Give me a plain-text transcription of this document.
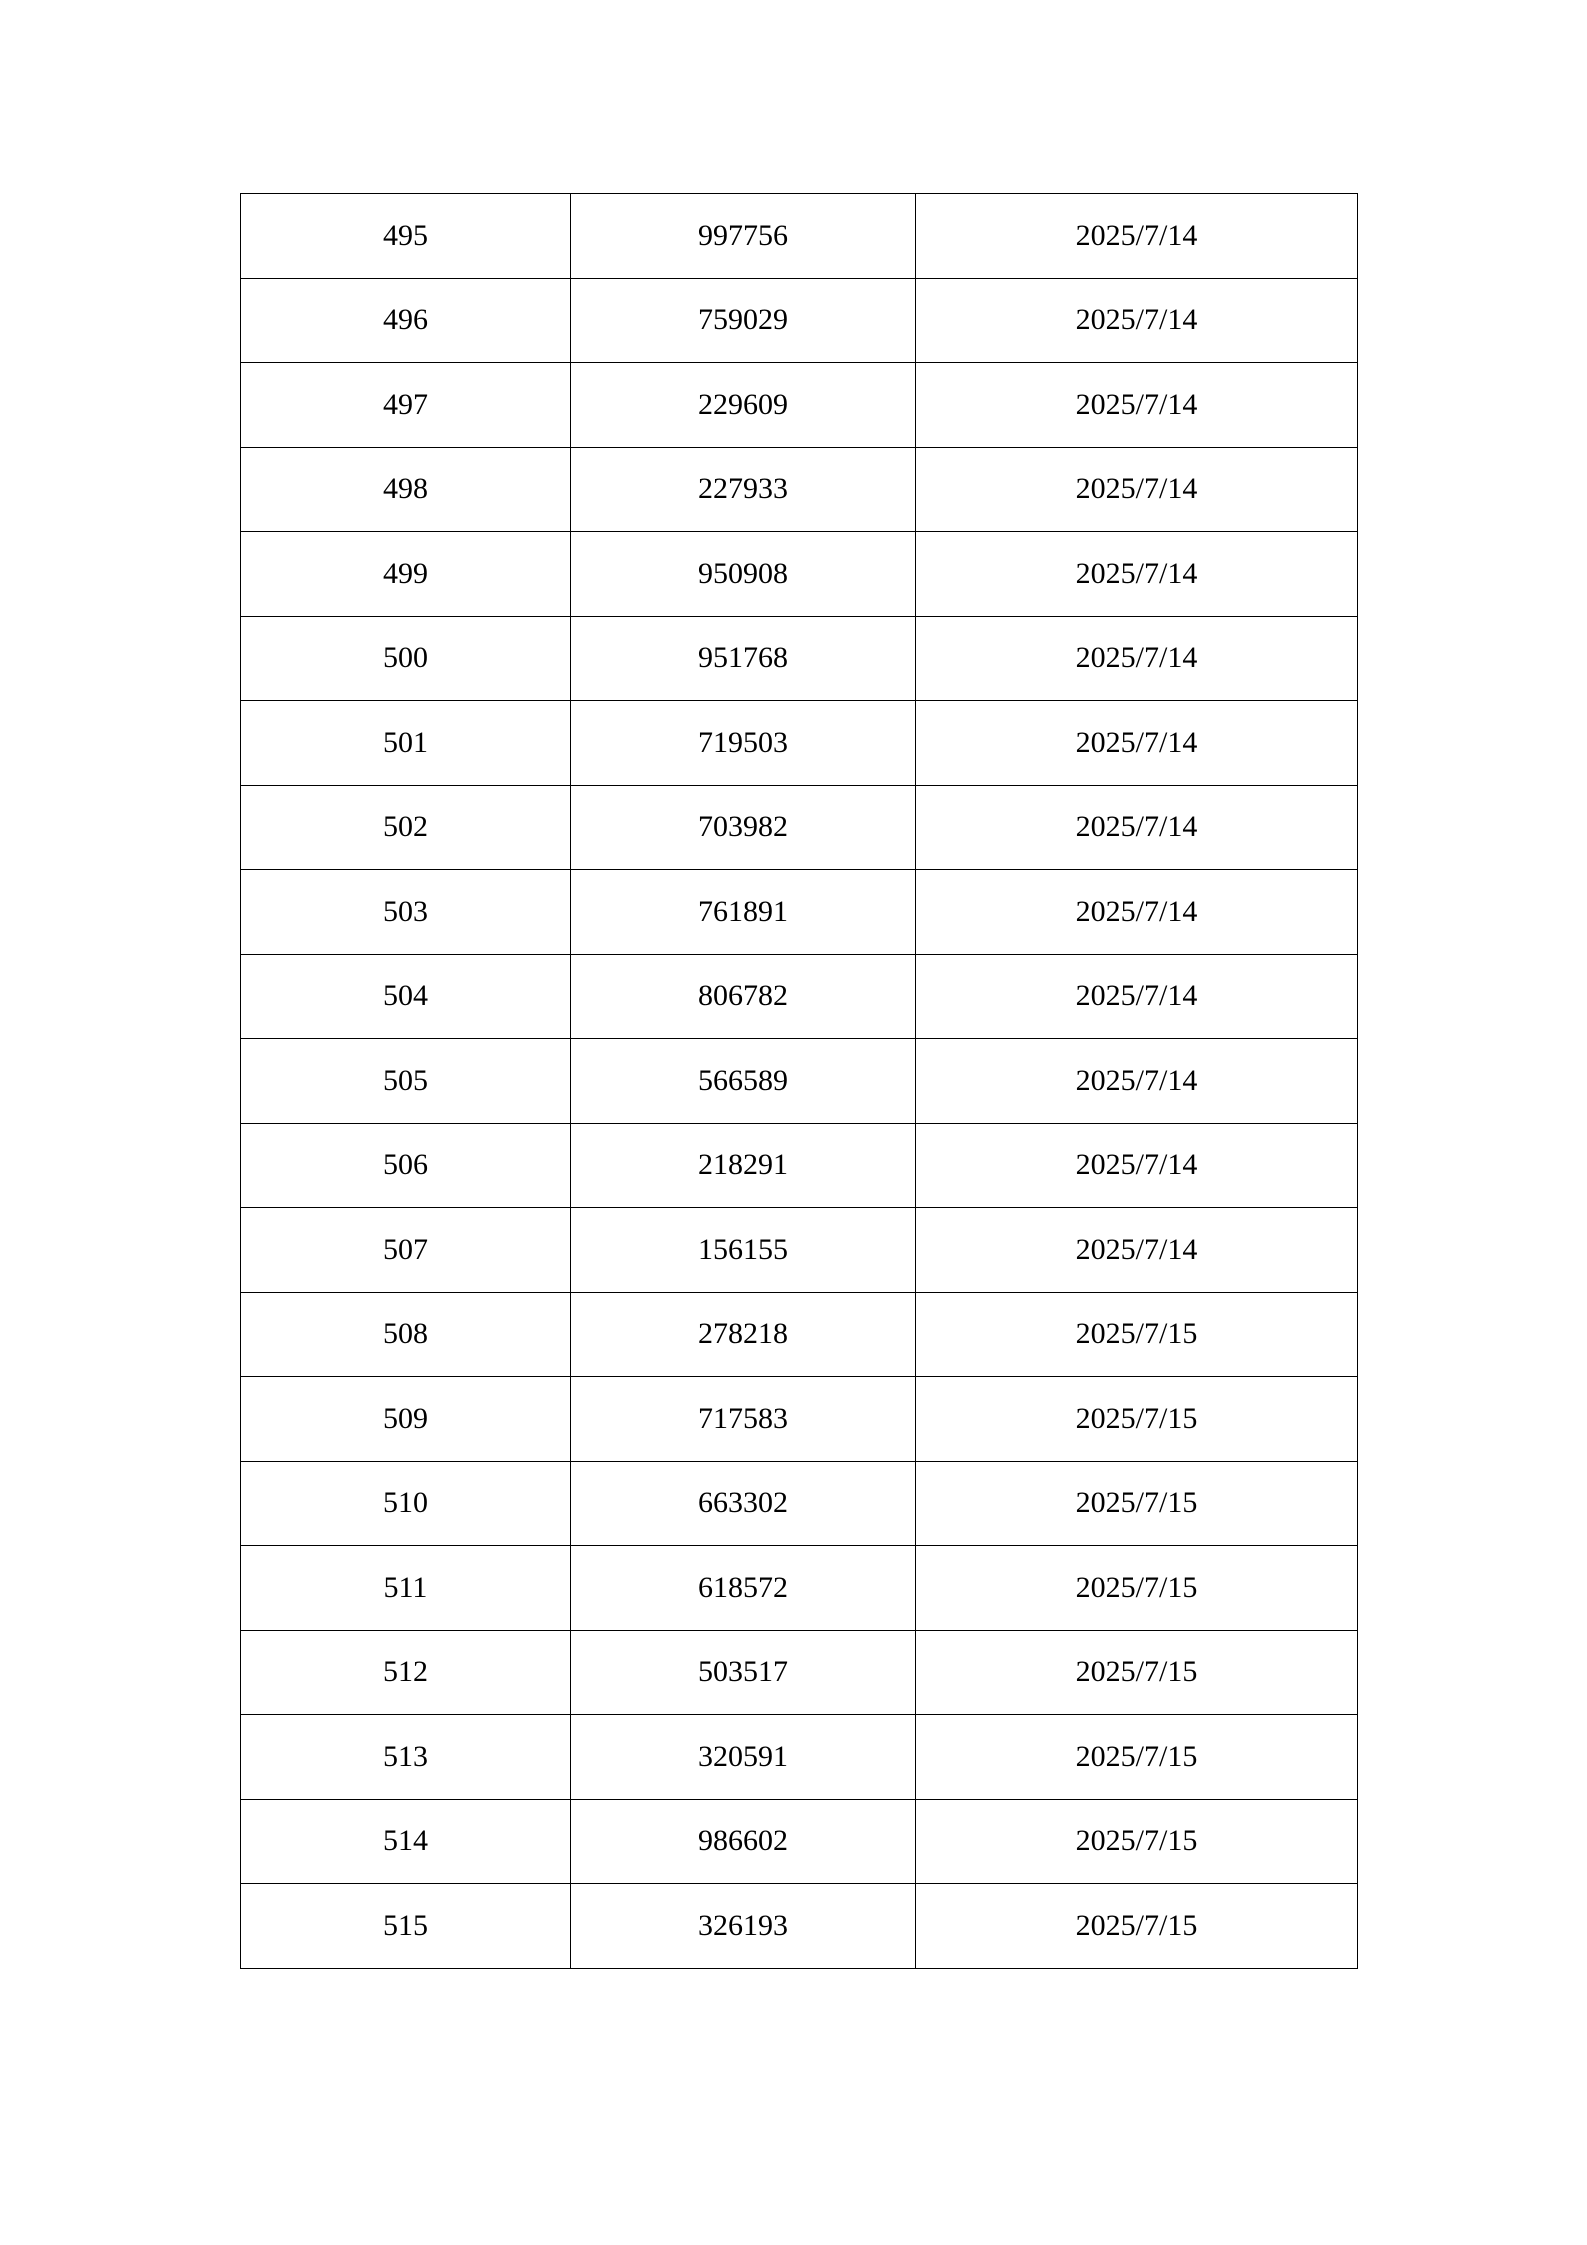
495	997756	2025/7/14
496	759029	2025/7/14
497	229609	2025/7/14
498	227933	2025/7/14
499	950908	2025/7/14
500	951768	2025/7/14
501	719503	2025/7/14
502	703982	2025/7/14
503	761891	2025/7/14
504	806782	2025/7/14
505	566589	2025/7/14
506	218291	2025/7/14
507	156155	2025/7/14
508	278218	2025/7/15
509	717583	2025/7/15
510	663302	2025/7/15
511	618572	2025/7/15
512	503517	2025/7/15
513	320591	2025/7/15
514	986602	2025/7/15
515	326193	2025/7/15
